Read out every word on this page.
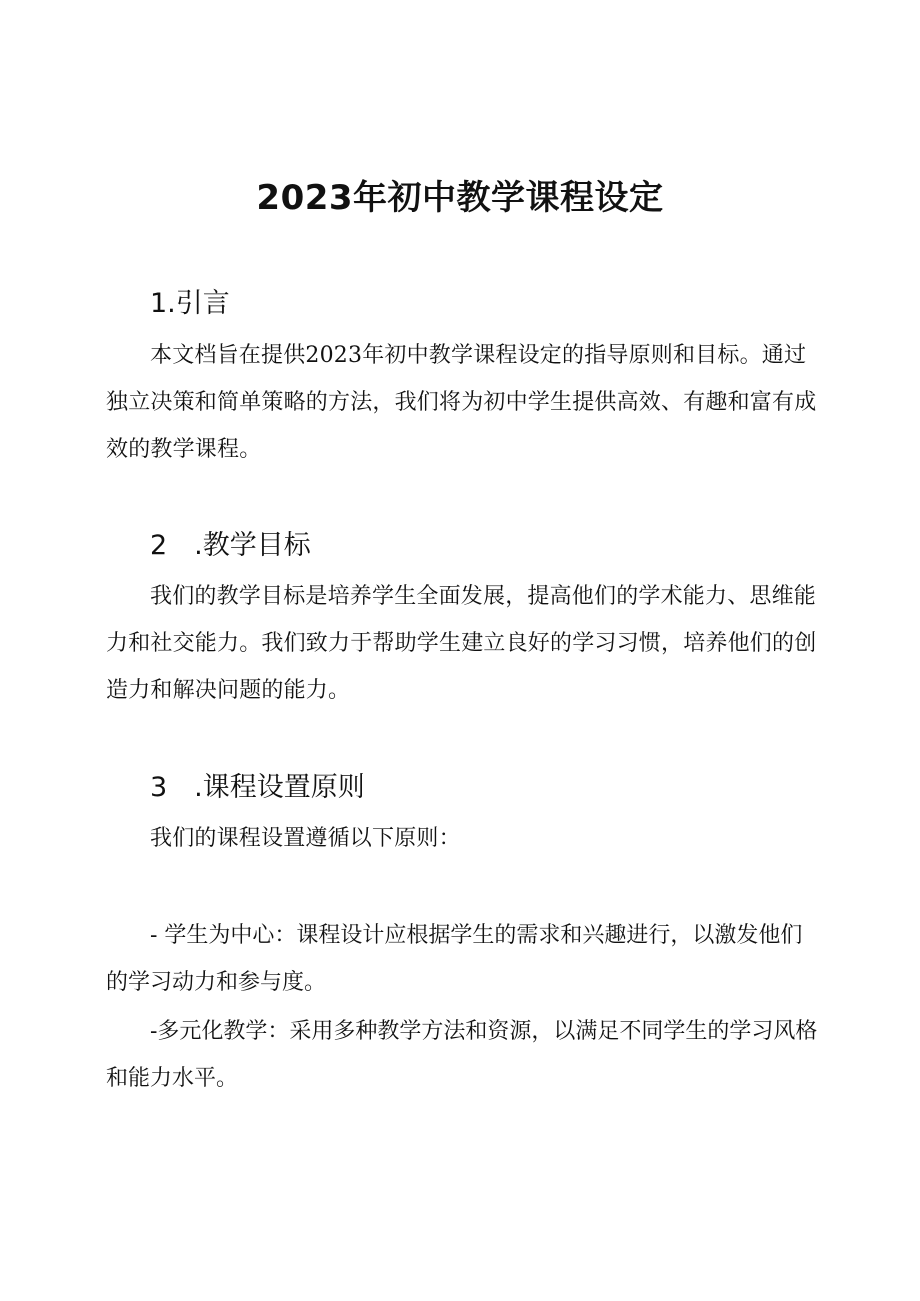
2023年初中教学课程设定
1.引言

本文档旨在提供2023年初中教学课程设定的指导原则和目标。通过独立决策和简单策略的方法，我们将为初中学生提供高效、有趣和富有成效的教学课程。

2　.教学目标

我们的教学目标是培养学生全面发展，提高他们的学术能力、思维能力和社交能力。我们致力于帮助学生建立良好的学习习惯，培养他们的创造力和解决问题的能力。

3　.课程设置原则

我们的课程设置遵循以下原则：

- 学生为中心：课程设计应根据学生的需求和兴趣进行，以激发他们的学习动力和参与度。

-多元化教学：采用多种教学方法和资源，以满足不同学生的学习风格和能力水平。
